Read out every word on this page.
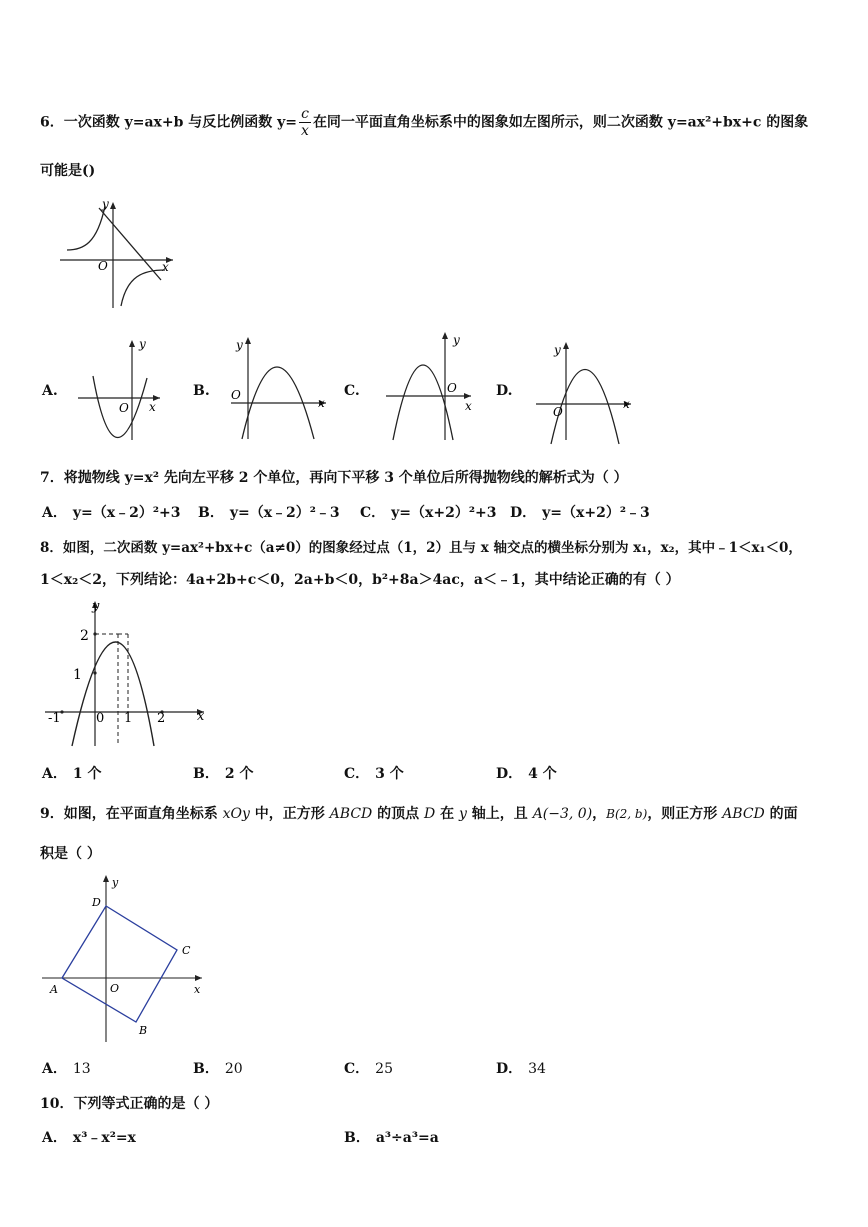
6．一次函数 y=ax+b 与反比例函数 $y= \frac{c}{x}$ 在同一平面直角坐标系中的图象如左图所示，则二次函数 y=ax²+bx+c 的图象
可能是()
y
x
O
A.
y
x
O
B.
y
x
O	C.
y
x
O	D.
y
x
O
7．将抛物线 y=x² 先向左平移 2 个单位，再向下平移 3 个单位后所得抛物线的解析式为（ ）
A． y=（x﹣2）²+3 B． y=（x﹣2）²﹣3 C． y=（x+2）²+3 D． y=（x+2）²﹣3
8．如图，二次函数 y=ax²+bx+c（a≠0）的图象经过点（1，2）且与 x 轴交点的横坐标分别为 x₁，x₂，其中﹣1＜x₁＜0，
1＜x₂＜2，下列结论：4a+2b+c＜0，2a+b＜0，b²+8a＞4ac，a＜﹣1，其中结论正确的有（ ）
y
x
2
1
-1	0 1 2
A． 1 个	B． 2 个	C． 3 个	D． 4 个
9．如图，在平面直角坐标系 xOy 中，正方形 ABCD 的顶点 D 在 y 轴上，且 A(−3, 0)，B(2, b)，则正方形 ABCD 的面
积是（ ）
y
x
O
A
B
C
D
A． 13	B． 20	C． 25	D． 34
10．下列等式正确的是（ ）
A． x³﹣x²=x	B． a³÷a³=a
